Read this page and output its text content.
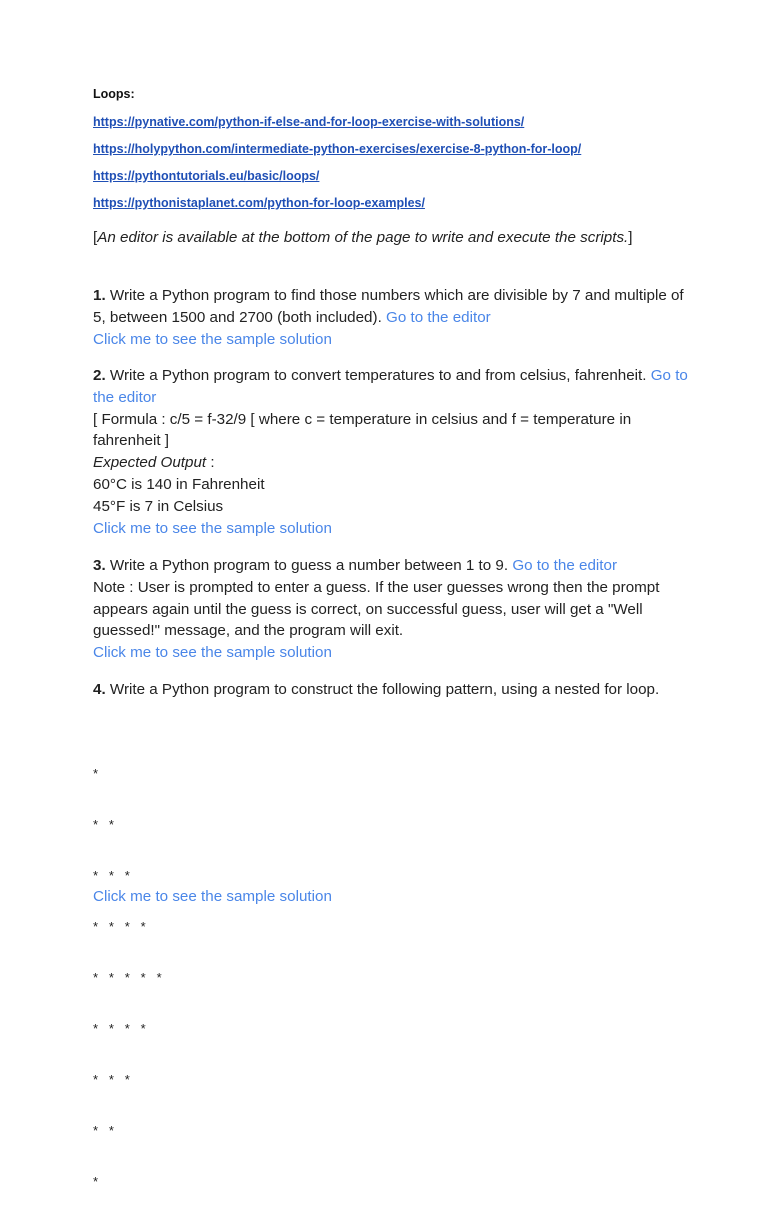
Loops:
https://pynative.com/python-if-else-and-for-loop-exercise-with-solutions/
https://holypython.com/intermediate-python-exercises/exercise-8-python-for-loop/
https://pythontutorials.eu/basic/loops/
https://pythonistaplanet.com/python-for-loop-examples/
[An editor is available at the bottom of the page to write and execute the scripts.]
1. Write a Python program to find those numbers which are divisible by 7 and multiple of 5, between 1500 and 2700 (both included). Go to the editor
Click me to see the sample solution
2. Write a Python program to convert temperatures to and from celsius, fahrenheit. Go to the editor
[ Formula : c/5 = f-32/9 [ where c = temperature in celsius and f = temperature in fahrenheit ]
Expected Output :
60°C is 140 in Fahrenheit
45°F is 7 in Celsius
Click me to see the sample solution
3. Write a Python program to guess a number between 1 to 9. Go to the editor
Note : User is prompted to enter a guess. If the user guesses wrong then the prompt appears again until the guess is correct, on successful guess, user will get a "Well guessed!" message, and the program will exit.
Click me to see the sample solution
4. Write a Python program to construct the following pattern, using a nested for loop.

*

*   *

*   *   *

*   *   *   *

*   *   *   *   *

*   *   *   *

*   *   *

*   *

*

Click me to see the sample solution
